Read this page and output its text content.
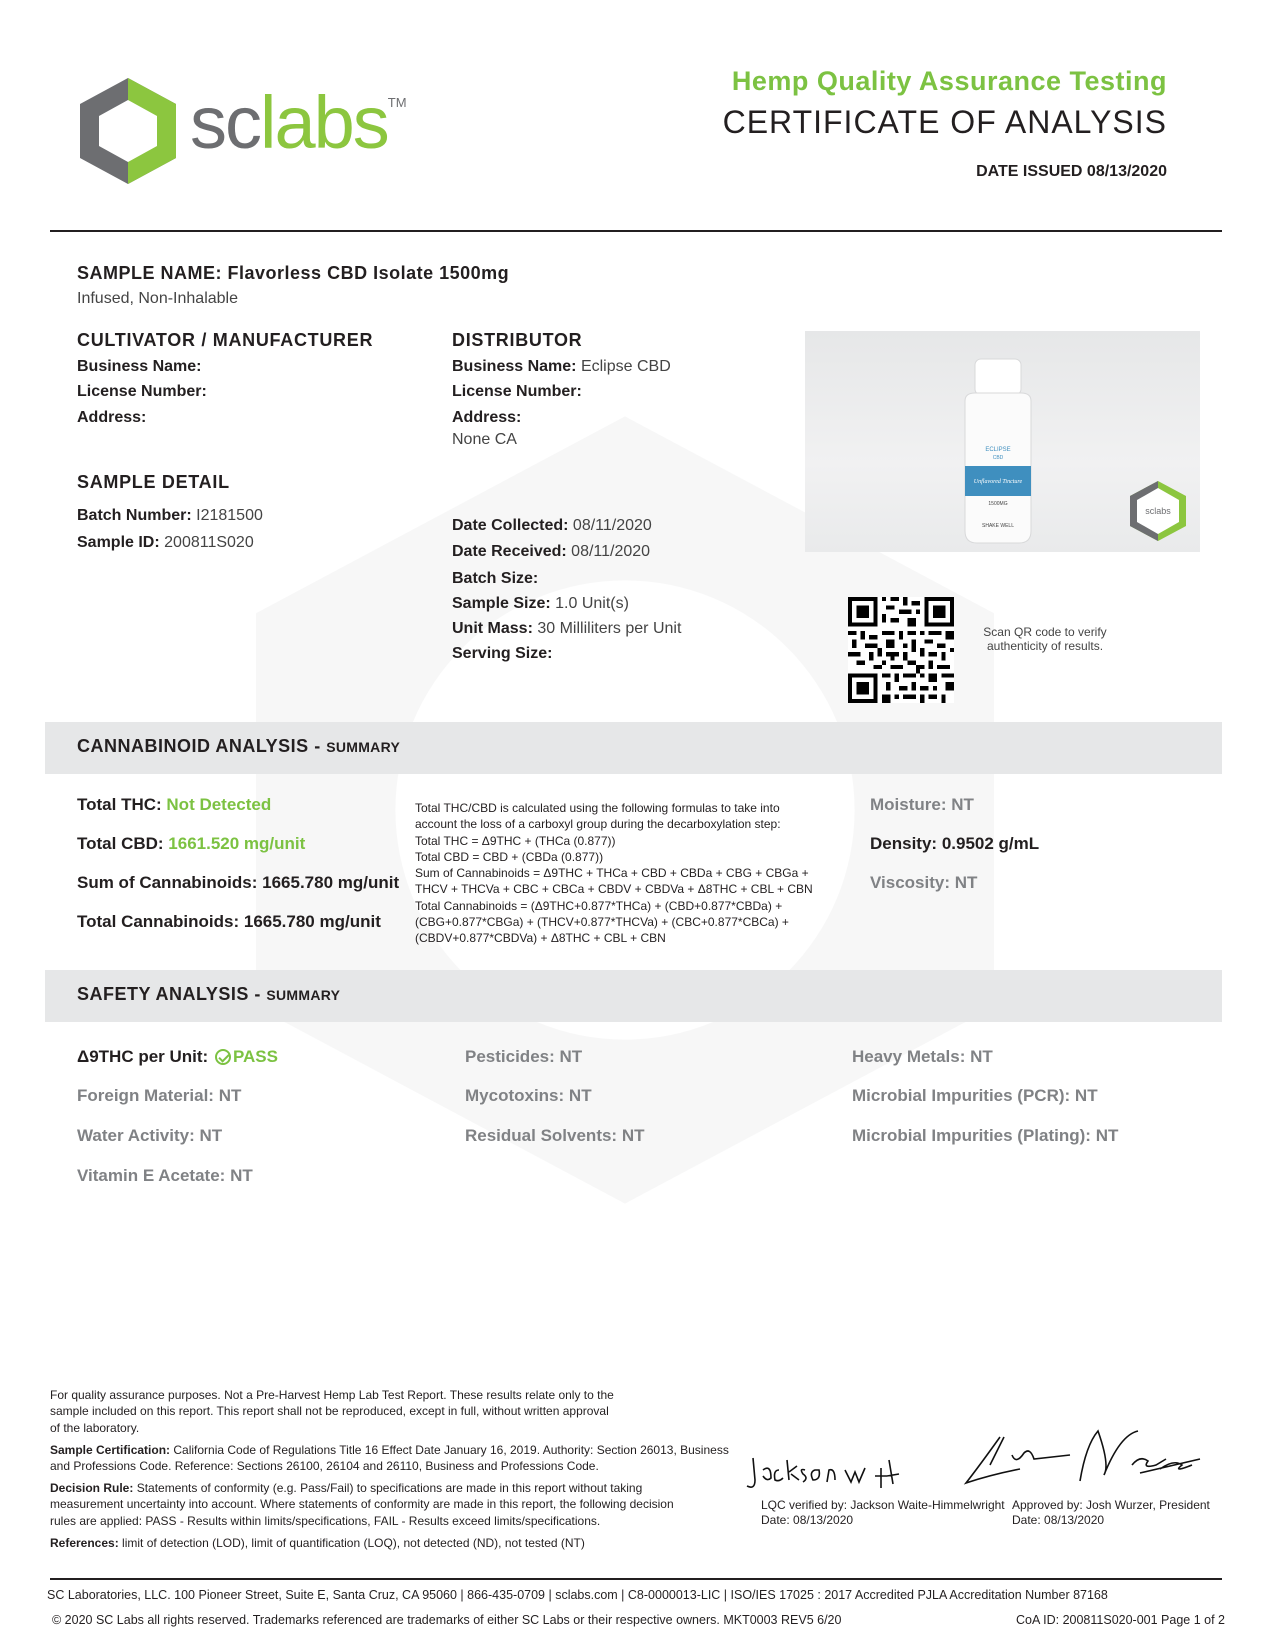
sclabs™
Hemp Quality Assurance Testing
CERTIFICATE OF ANALYSIS
DATE ISSUED 08/13/2020
SAMPLE NAME: Flavorless CBD Isolate 1500mg
Infused, Non-Inhalable
CULTIVATOR / MANUFACTURER
Business Name:
License Number:
Address:
DISTRIBUTOR
Business Name: Eclipse CBD
License Number:
Address:
None CA
SAMPLE DETAIL
Batch Number: I2181500
Sample ID: 200811S020
Date Collected: 08/11/2020
Date Received: 08/11/2020
Batch Size:
Sample Size: 1.0 Unit(s)
Unit Mass: 30 Milliliters per Unit
Serving Size:
ECLIPSE
CBD
Unflavored Tincture
1500MG
SHAKE WELL
sclabs
Scan QR code to verify authenticity of results.
CANNABINOID ANALYSIS - SUMMARY
Total THC: Not Detected
Total CBD: 1661.520 mg/unit
Sum of Cannabinoids: 1665.780 mg/unit
Total Cannabinoids: 1665.780 mg/unit
Total THC/CBD is calculated using the following formulas to take into
account the loss of a carboxyl group during the decarboxylation step:
Total THC = Δ9THC + (THCa (0.877))
Total CBD = CBD + (CBDa (0.877))
Sum of Cannabinoids = Δ9THC + THCa + CBD + CBDa + CBG + CBGa +
THCV + THCVa + CBC + CBCa + CBDV + CBDVa + Δ8THC + CBL + CBN
Total Cannabinoids = (Δ9THC+0.877*THCa) + (CBD+0.877*CBDa) +
(CBG+0.877*CBGa) + (THCV+0.877*THCVa) + (CBC+0.877*CBCa) +
(CBDV+0.877*CBDVa) + Δ8THC + CBL + CBN
Moisture: NT
Density: 0.9502 g/mL
Viscosity: NT
SAFETY ANALYSIS - SUMMARY
Δ9THC per Unit: PASS
Foreign Material: NT
Water Activity: NT
Vitamin E Acetate: NT
Pesticides: NT
Mycotoxins: NT
Residual Solvents: NT
Heavy Metals: NT
Microbial Impurities (PCR): NT
Microbial Impurities (Plating): NT
For quality assurance purposes. Not a Pre-Harvest Hemp Lab Test Report. These results relate only to the sample included on this report. This report shall not be reproduced, except in full, without written approval of the laboratory.
Sample Certification: California Code of Regulations Title 16 Effect Date January 16, 2019. Authority: Section 26013, Business and Professions Code. Reference: Sections 26100, 26104 and 26110, Business and Professions Code.
Decision Rule: Statements of conformity (e.g. Pass/Fail) to specifications are made in this report without taking measurement uncertainty into account. Where statements of conformity are made in this report, the following decision rules are applied: PASS - Results within limits/specifications, FAIL - Results exceed limits/specifications.
References: limit of detection (LOD), limit of quantification (LOQ), not detected (ND), not tested (NT)
LQC verified by: Jackson Waite-Himmelwright
Date: 08/13/2020
Approved by: Josh Wurzer, President
Date: 08/13/2020
SC Laboratories, LLC. 100 Pioneer Street, Suite E, Santa Cruz, CA 95060 | 866-435-0709 | sclabs.com | C8-0000013-LIC | ISO/IES 17025 : 2017 Accredited PJLA Accreditation Number 87168
© 2020 SC Labs all rights reserved. Trademarks referenced are trademarks of either SC Labs or their respective owners. MKT0003 REV5 6/20	CoA ID: 200811S020-001 Page 1 of 2
